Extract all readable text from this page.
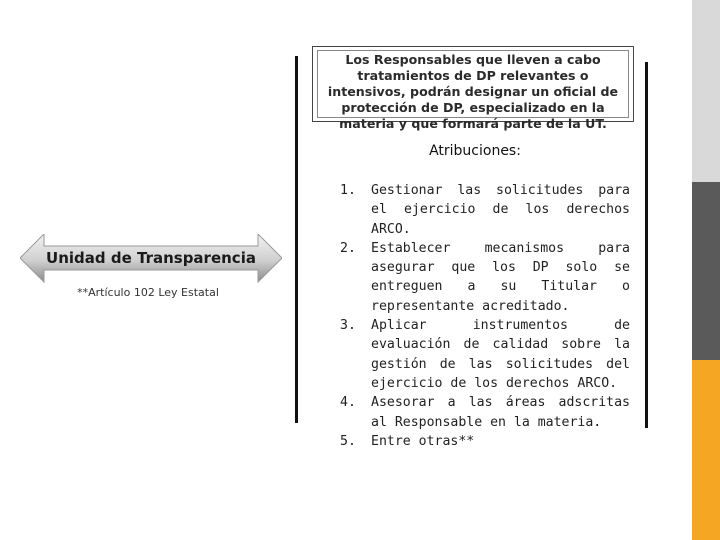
Unidad de Transparencia
**Artículo 102 Ley Estatal
Los Responsables que lleven a cabo tratamientos de DP relevantes o intensivos, podrán designar un oficial de protección de DP, especializado en la materia y que formará parte de la UT.
Atribuciones:
1.	Gestionar las solicitudes para el ejercicio de los derechos ARCO.
2.	Establecer mecanismos para asegurar que los DP solo se entreguen a su Titular o representante acreditado.
3.	Aplicar instrumentos de evaluación de calidad sobre la gestión de las solicitudes del ejercicio de los derechos ARCO.
4.	Asesorar a las áreas adscritas al Responsable en la materia.
5.	Entre otras**
